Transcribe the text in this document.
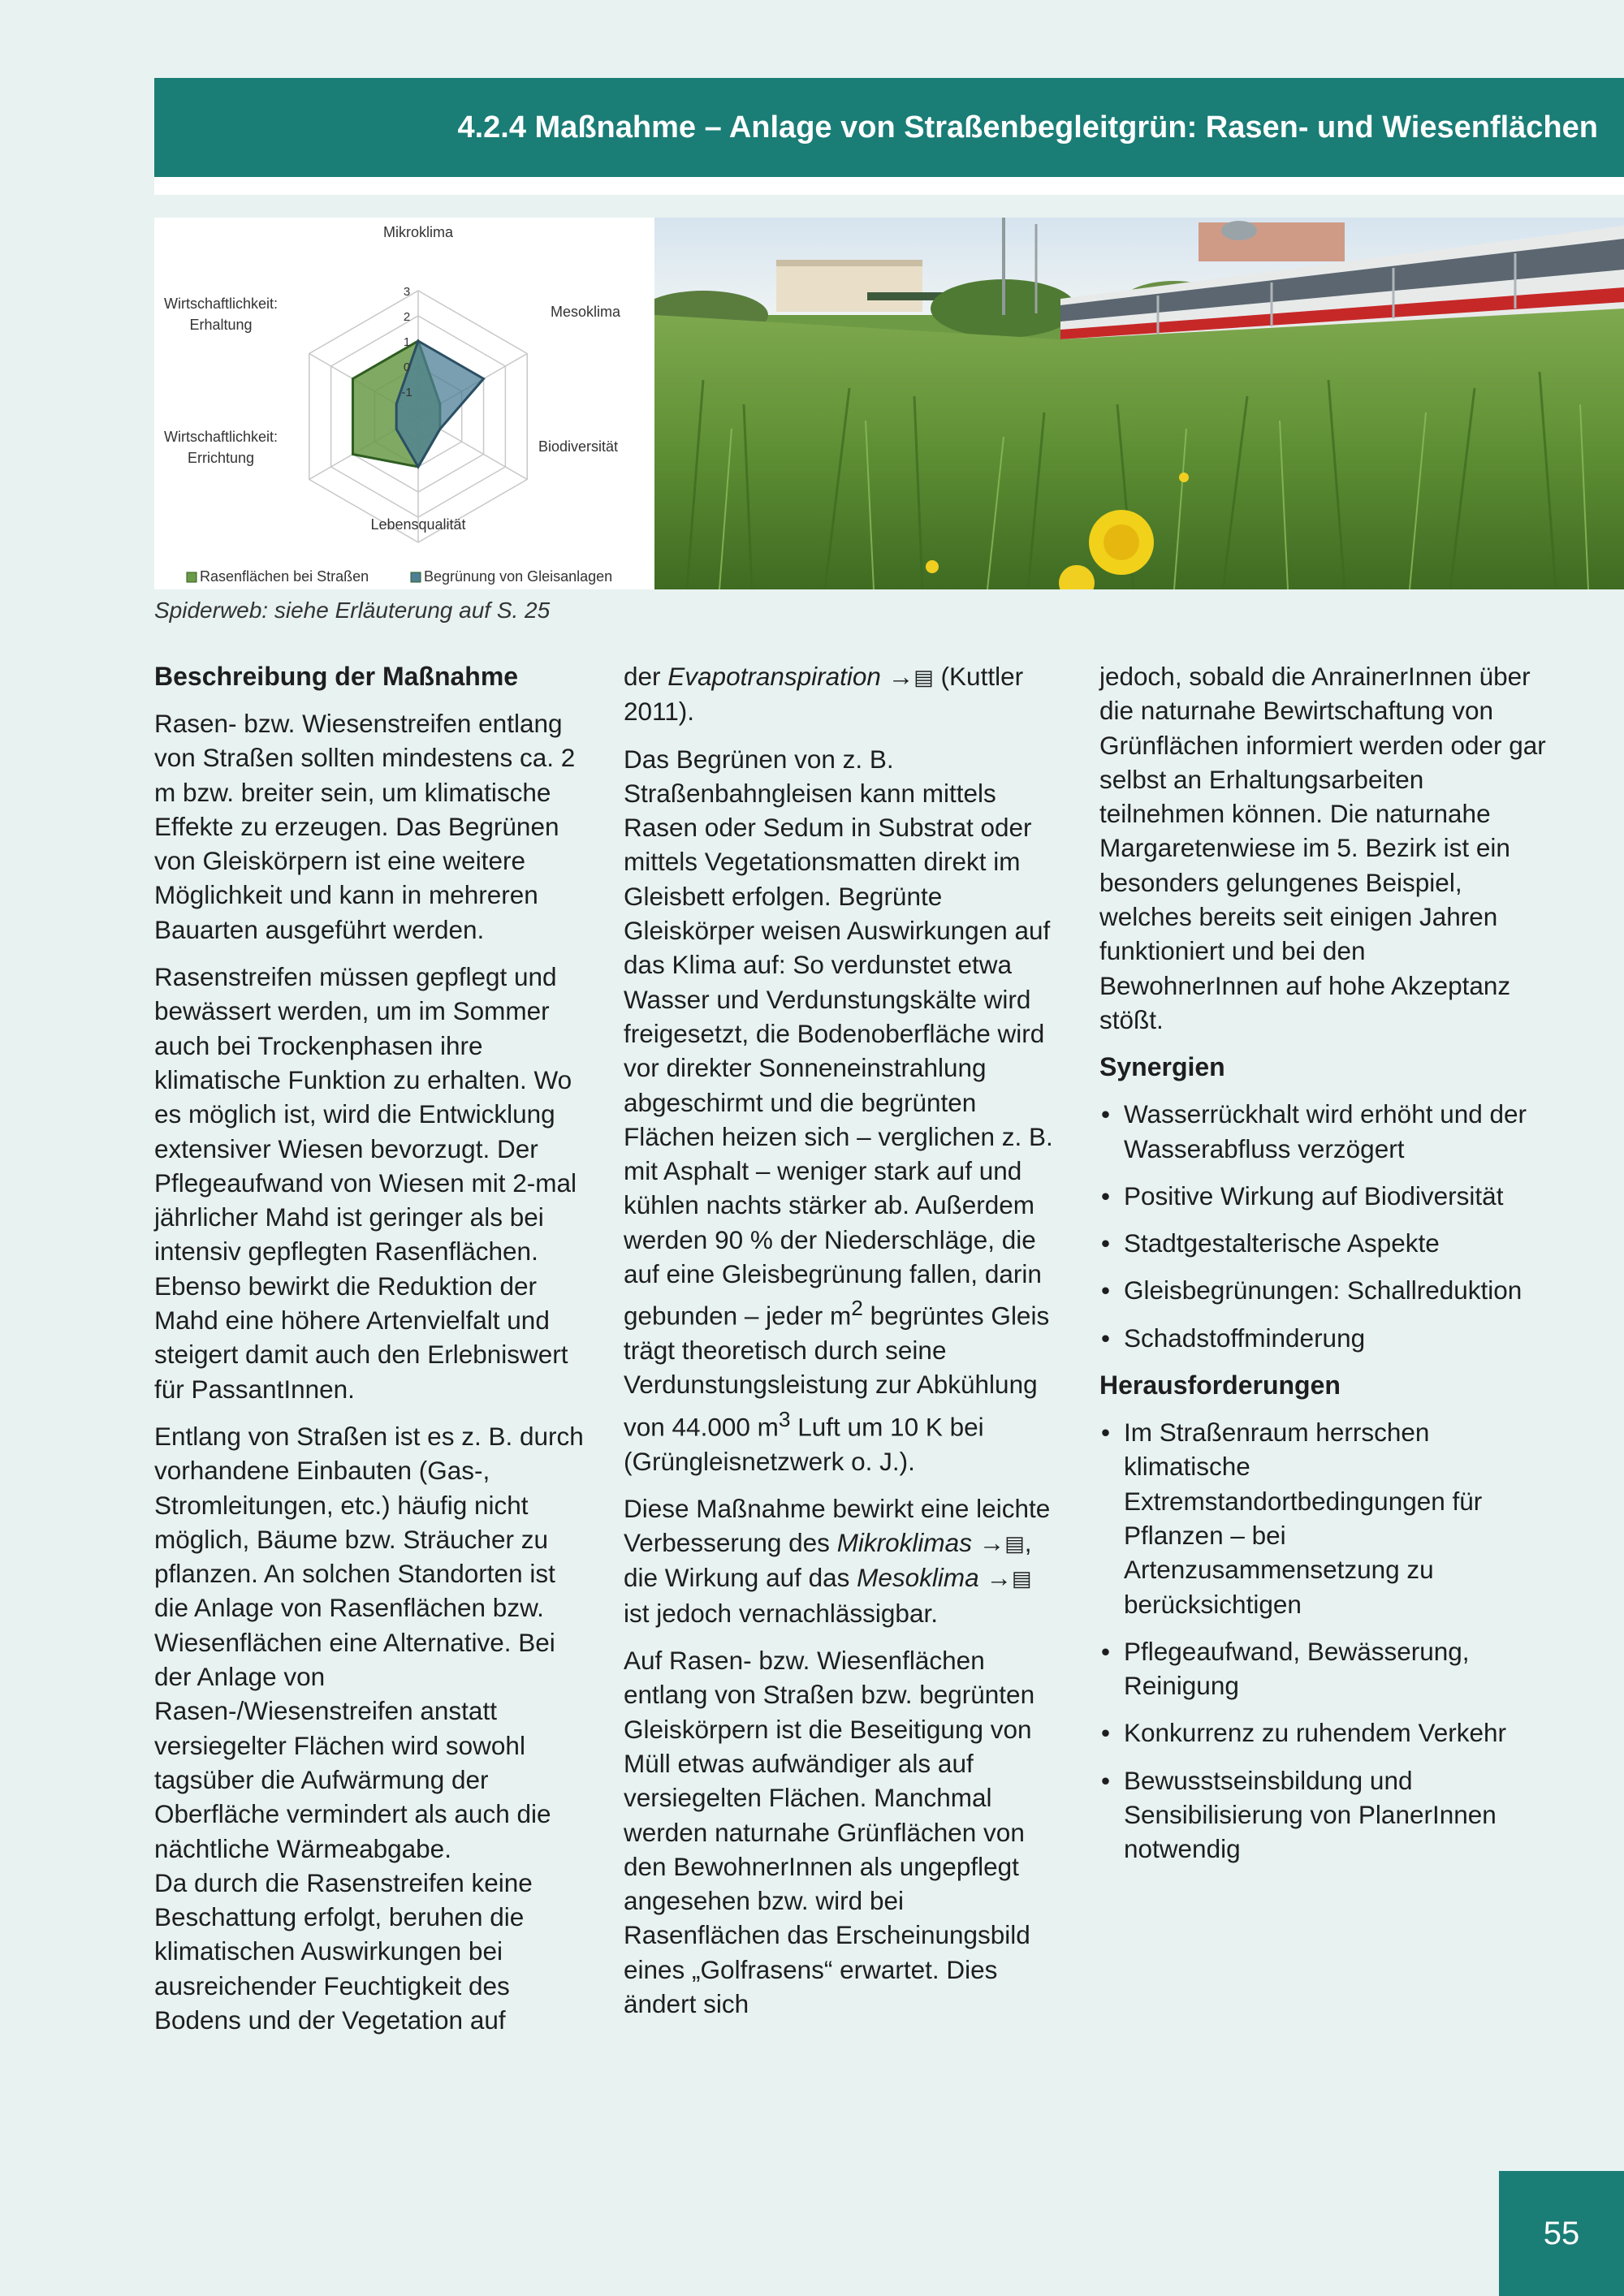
4.2.4 Maßnahme – Anlage von Straßenbegleitgrün: Rasen- und Wiesenflächen
3
2
1
0
-1
Mikroklima
Mesoklima
Biodiversität
Lebensqualität
Wirtschaftlichkeit:
Errichtung
Wirtschaftlichkeit:
Erhaltung
Rasenflächen bei Straßen	Begrünung von Gleisanlagen
Spiderweb: siehe Erläuterung auf S. 25
Beschreibung der Maßnahme

Rasen- bzw. Wiesenstreifen entlang von Straßen sollten mindestens ca. 2 m bzw. breiter sein, um klimatische Effekte zu erzeugen. Das Begrünen von Gleiskörpern ist eine weitere Möglichkeit und kann in mehreren Bauarten ausgeführt werden.

Rasenstreifen müssen gepflegt und bewässert werden, um im Sommer auch bei Trockenphasen ihre klimatische Funktion zu erhalten. Wo es möglich ist, wird die Entwicklung extensiver Wiesen bevorzugt. Der Pflegeaufwand von Wiesen mit 2-mal jährlicher Mahd ist geringer als bei intensiv gepflegten Rasenflächen. Ebenso bewirkt die Reduktion der Mahd eine höhere Artenvielfalt und steigert damit auch den Erlebniswert für PassantInnen.

Entlang von Straßen ist es z. B. durch vorhandene Einbauten (Gas-, Stromleitungen, etc.) häufig nicht möglich, Bäume bzw. Sträucher zu pflanzen. An solchen Standorten ist die Anlage von Rasenflächen bzw. Wiesenflächen eine Alternative. Bei der Anlage von Rasen-/Wiesenstreifen anstatt versiegelter Flächen wird sowohl tagsüber die Aufwärmung der Oberfläche vermindert als auch die nächtliche Wärmeabgabe.

Da durch die Rasenstreifen keine Beschattung erfolgt, beruhen die klimatischen Auswirkungen bei ausreichender Feuchtigkeit des Bodens und der Vegetation auf

der Evapotranspiration →▤ (Kuttler 2011).

Das Begrünen von z. B. Straßenbahngleisen kann mittels Rasen oder Sedum in Substrat oder mittels Vegetationsmatten direkt im Gleisbett erfolgen. Begrünte Gleiskörper weisen Auswirkungen auf das Klima auf: So verdunstet etwa Wasser und Verdunstungskälte wird freigesetzt, die Bodenoberfläche wird vor direkter Sonneneinstrahlung abgeschirmt und die begrünten Flächen heizen sich – verglichen z. B. mit Asphalt – weniger stark auf und kühlen nachts stärker ab. Außerdem werden 90 % der Niederschläge, die auf eine Gleisbegrünung fallen, darin gebunden – jeder $m^2$ begrüntes Gleis trägt theoretisch durch seine Verdunstungsleistung zur Abkühlung von 44.000 $m^3$ Luft um 10 K bei (Grüngleisnetzwerk o. J.).

Diese Maßnahme bewirkt eine leichte Verbesserung des Mikroklimas →▤, die Wirkung auf das Mesoklima →▤ ist jedoch vernachlässigbar.

Auf Rasen- bzw. Wiesenflächen entlang von Straßen bzw. begrünten Gleiskörpern ist die Beseitigung von Müll etwas aufwändiger als auf versiegelten Flächen. Manchmal werden naturnahe Grünflächen von den BewohnerInnen als ungepflegt angesehen bzw. wird bei Rasenflächen das Erscheinungsbild eines „Golfrasens“ erwartet. Dies ändert sich

jedoch, sobald die AnrainerInnen über die naturnahe Bewirtschaftung von Grünflächen informiert werden oder gar selbst an Erhaltungsarbeiten teilnehmen können. Die naturnahe Margaretenwiese im 5. Bezirk ist ein besonders gelungenes Beispiel, welches bereits seit einigen Jahren funktioniert und bei den BewohnerInnen auf hohe Akzeptanz stößt.

Synergien
• Wasserrückhalt wird erhöht und der Wasserabfluss verzögert
• Positive Wirkung auf Biodiversität
• Stadtgestalterische Aspekte
• Gleisbegrünungen: Schallreduktion
• Schadstoffminderung
Herausforderungen
• Im Straßenraum herrschen klimatische Extremstandortbedingungen für Pflanzen – bei Artenzusammensetzung zu berücksichtigen
• Pflegeaufwand, Bewässerung, Reinigung
• Konkurrenz zu ruhendem Verkehr
• Bewusstseinsbildung und Sensibilisierung von PlanerInnen notwendig
55
